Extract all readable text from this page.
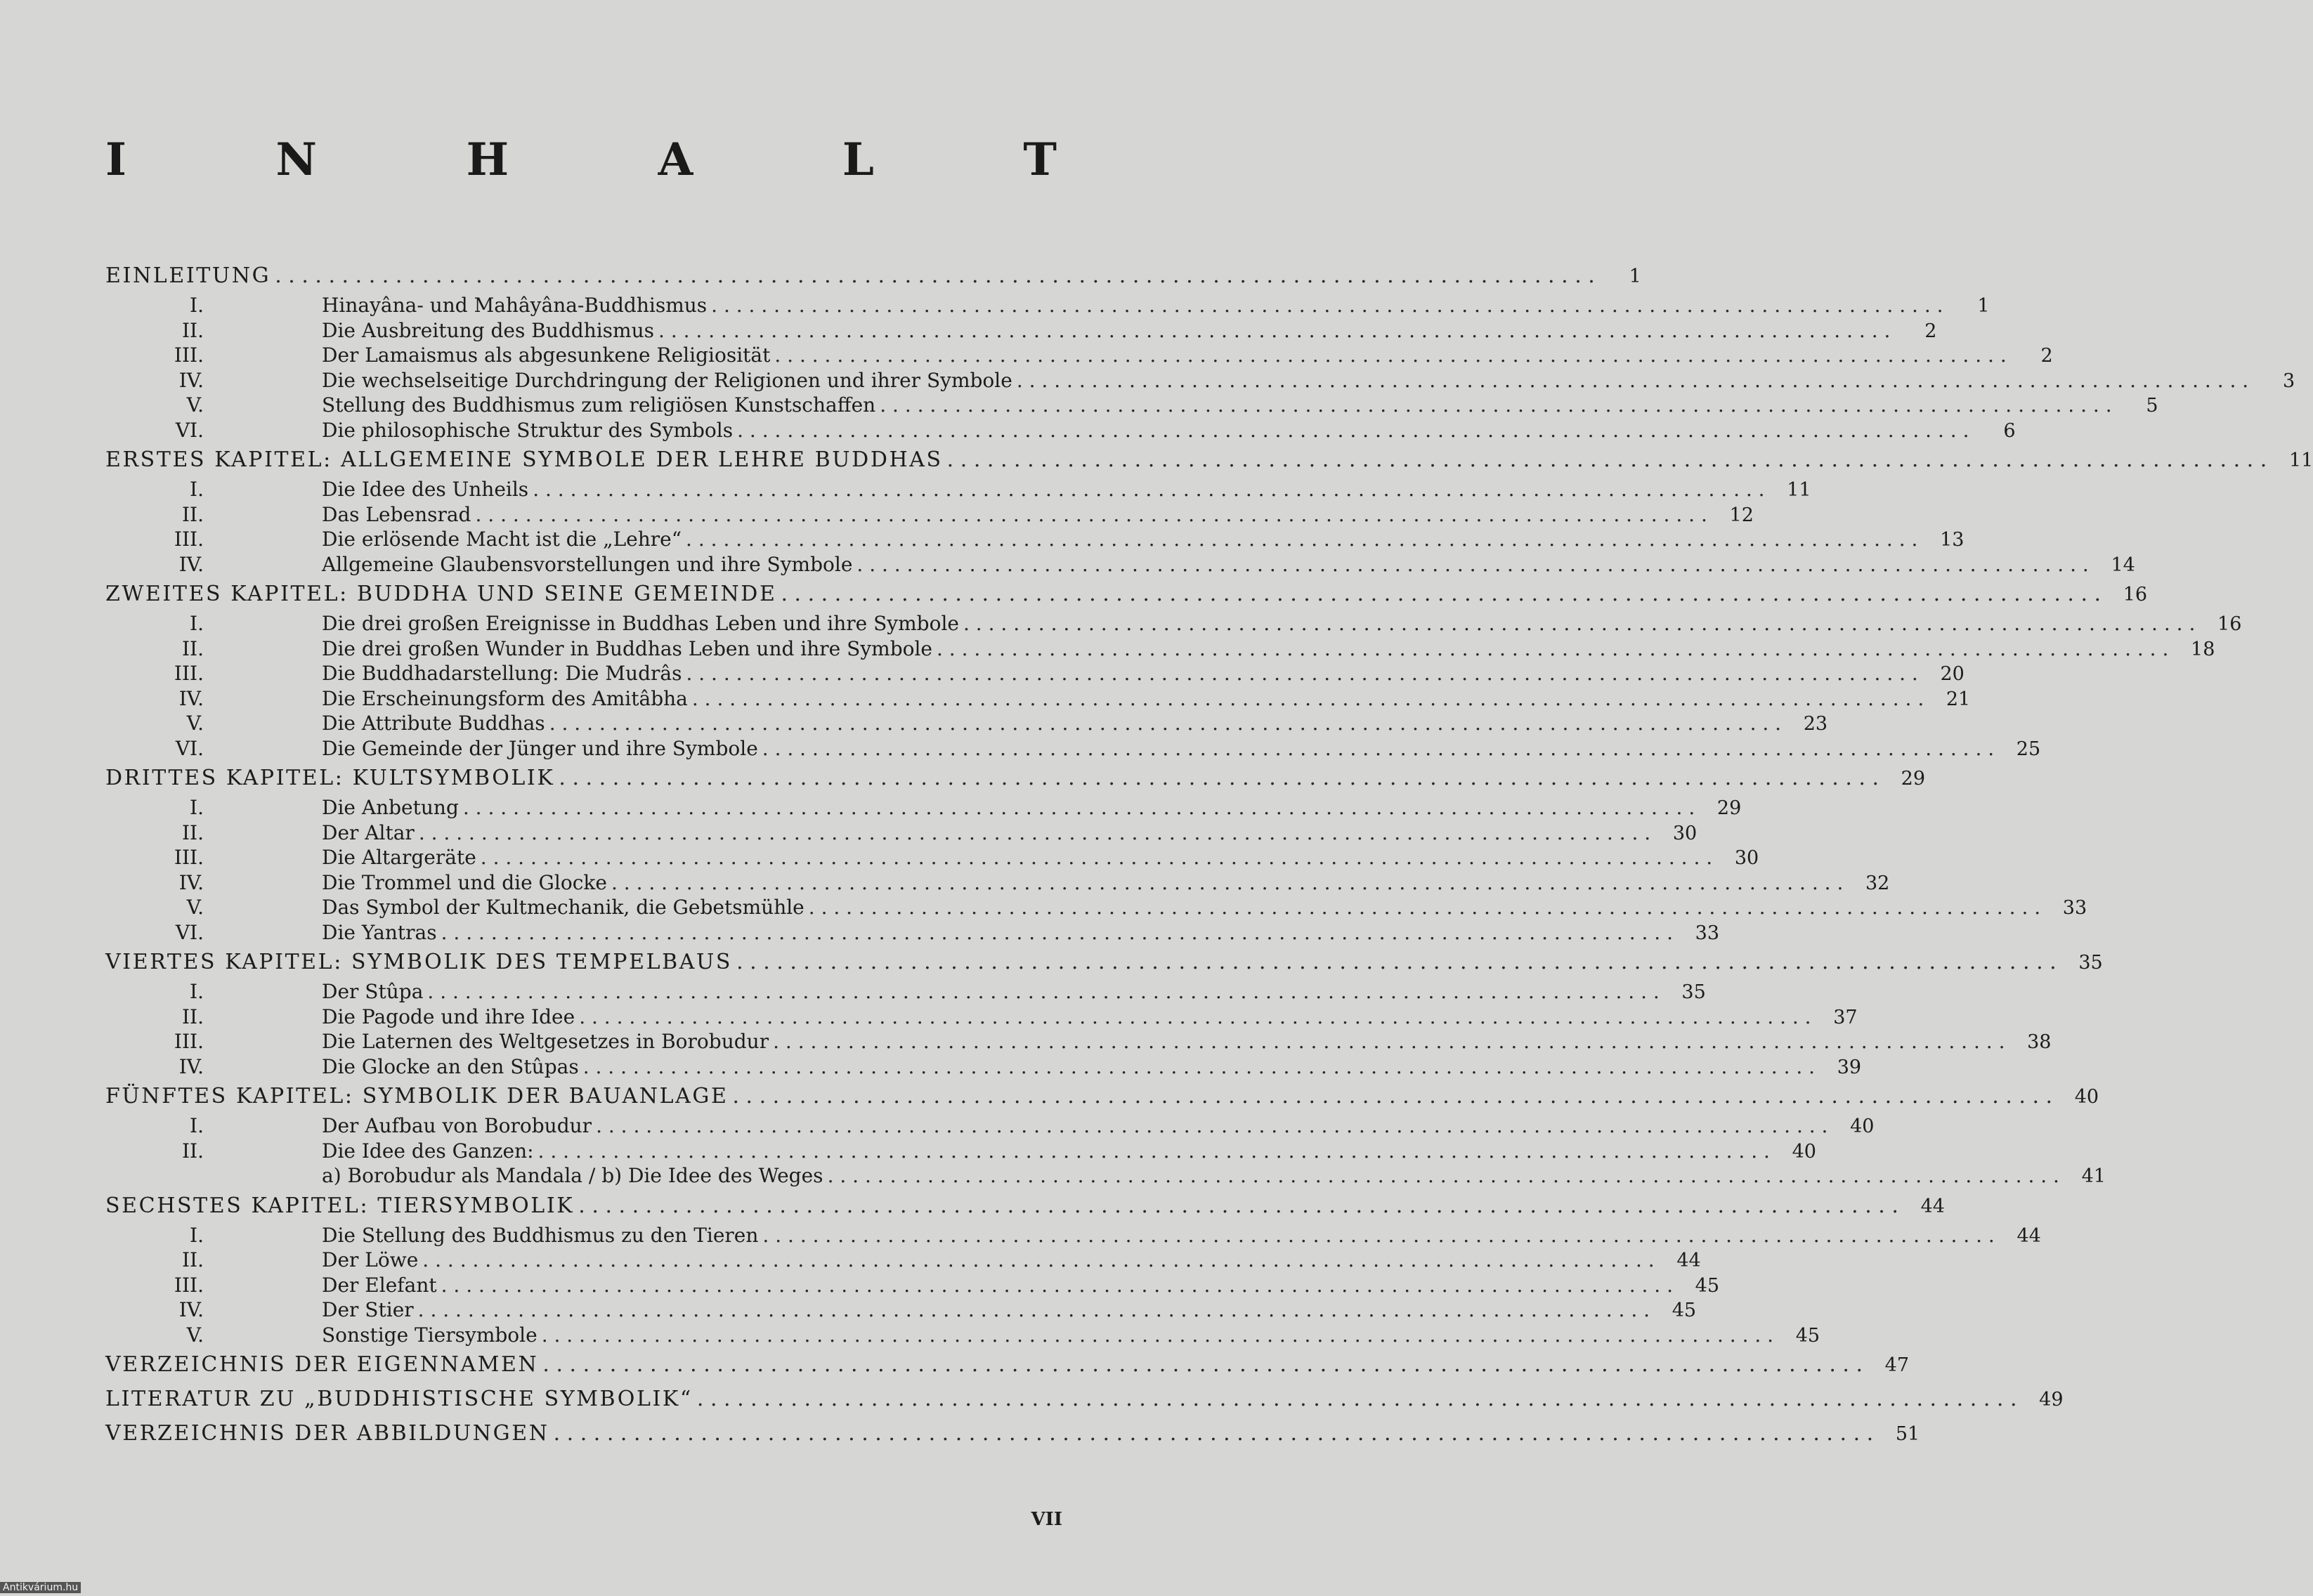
I	N	H	A	L	T
EINLEITUNG . . .	1
I.	Hinayâna- und Mahâyâna-Buddhismus . . .	1
II.	Die Ausbreitung des Buddhismus . . .	2
III.	Der Lamaismus als abgesunkene Religiosität . . .	2
IV.	Die wechselseitige Durchdringung der Religionen und ihrer Symbole . . .	3
V.	Stellung des Buddhismus zum religiösen Kunstschaffen . . .	5
VI.	Die philosophische Struktur des Symbols . . .	6
ERSTES KAPITEL: ALLGEMEINE SYMBOLE DER LEHRE BUDDHAS . . .	11
I.	Die Idee des Unheils . . .	11
II.	Das Lebensrad . . .	12
III.	Die erlösende Macht ist die „Lehre“ . . .	13
IV.	Allgemeine Glaubensvorstellungen und ihre Symbole . . .	14
ZWEITES KAPITEL: BUDDHA UND SEINE GEMEINDE . . .	16
I.	Die drei großen Ereignisse in Buddhas Leben und ihre Symbole . . .	16
II.	Die drei großen Wunder in Buddhas Leben und ihre Symbole . . .	18
III.	Die Buddhadarstellung: Die Mudrâs . . .	20
IV.	Die Erscheinungsform des Amitâbha . . .	21
V.	Die Attribute Buddhas . . .	23
VI.	Die Gemeinde der Jünger und ihre Symbole . . .	25
DRITTES KAPITEL: KULTSYMBOLIK . . .	29
I.	Die Anbetung . . .	29
II.	Der Altar . . .	30
III.	Die Altargeräte . . .	30
IV.	Die Trommel und die Glocke . . .	32
V.	Das Symbol der Kultmechanik, die Gebetsmühle . . .	33
VI.	Die Yantras . . .	33
VIERTES KAPITEL: SYMBOLIK DES TEMPELBAUS . . .	35
I.	Der Stûpa . . .	35
II.	Die Pagode und ihre Idee . . .	37
III.	Die Laternen des Weltgesetzes in Borobudur . . .	38
IV.	Die Glocke an den Stûpas . . .	39
FÜNFTES KAPITEL: SYMBOLIK DER BAUANLAGE . . .	40
I.	Der Aufbau von Borobudur . . .	40
II.	Die Idee des Ganzen: . . .	40
a) Borobudur als Mandala / b) Die Idee des Weges . . .	41
SECHSTES KAPITEL: TIERSYMBOLIK . . .	44
I.	Die Stellung des Buddhismus zu den Tieren . . .	44
II.	Der Löwe . . .	44
III.	Der Elefant . . .	45
IV.	Der Stier . . .	45
V.	Sonstige Tiersymbole . . .	45
VERZEICHNIS DER EIGENNAMEN . . .	47
LITERATUR ZU „BUDDHISTISCHE SYMBOLIK“ . . .	49
VERZEICHNIS DER ABBILDUNGEN . . .	51
VII
Antikvárium.hu
